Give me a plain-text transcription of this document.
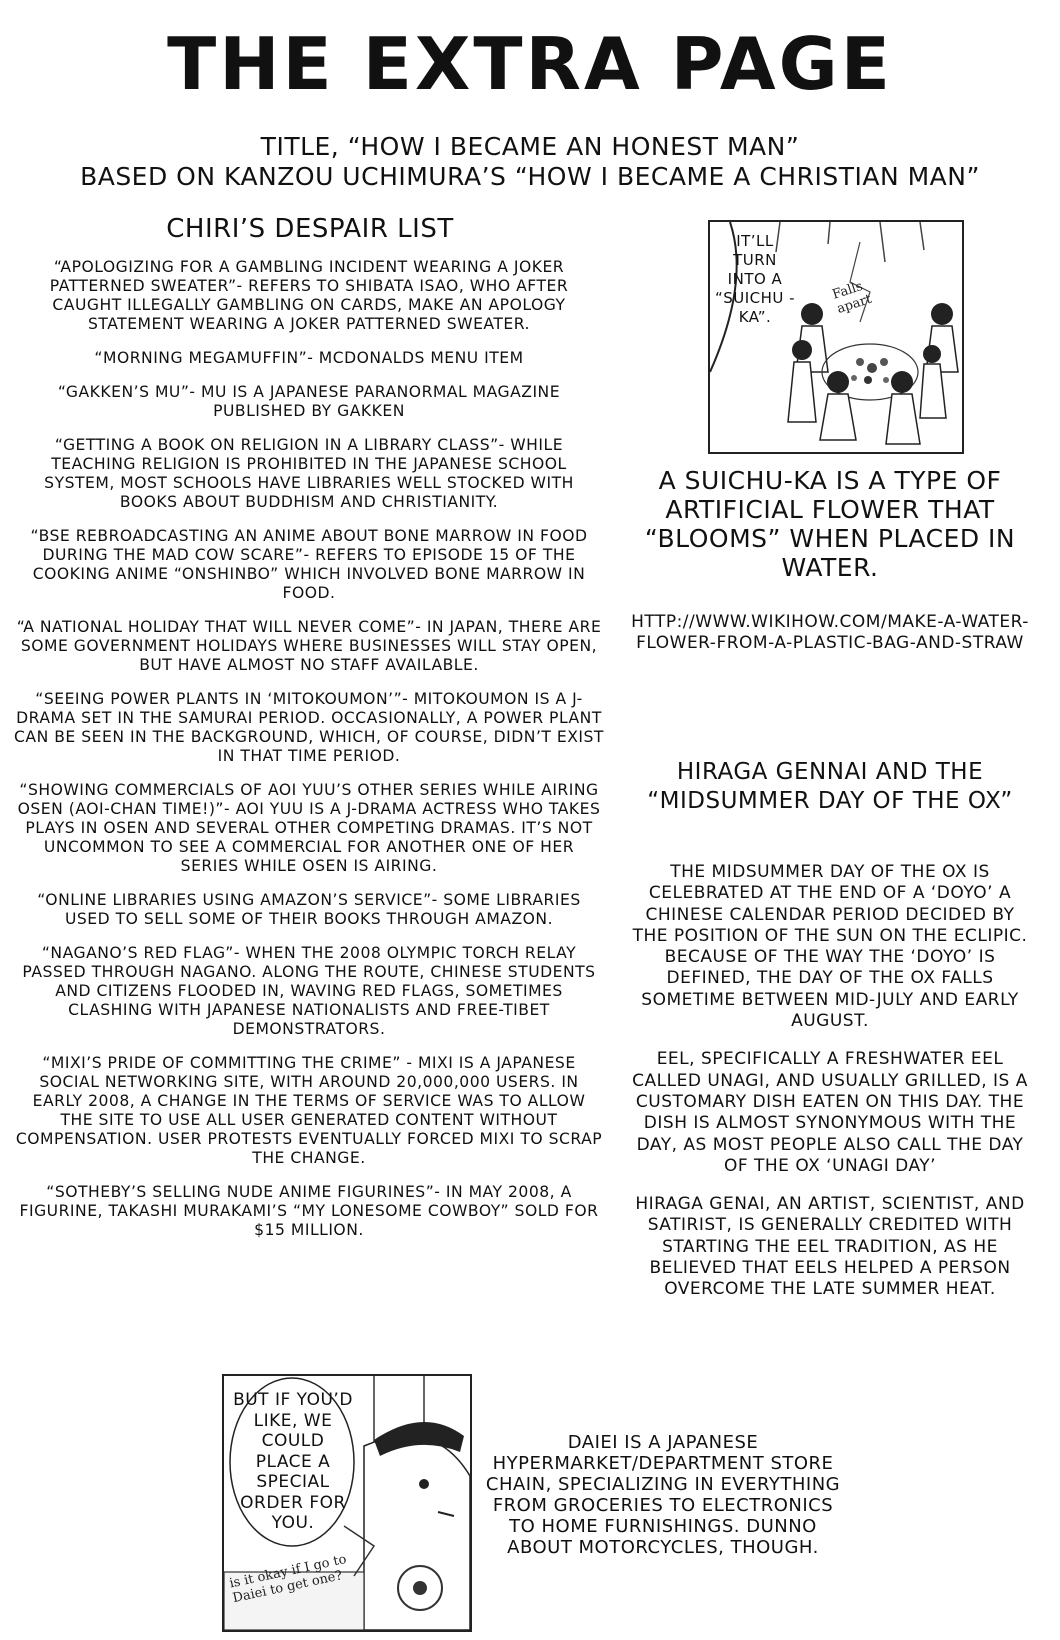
THE EXTRA PAGE
TITLE, “HOW I BECAME AN HONEST MAN”
BASED ON KANZOU UCHIMURA’S “HOW I BECAME A CHRISTIAN MAN”
CHIRI’S DESPAIR LIST

“APOLOGIZING FOR A GAMBLING INCIDENT WEARING A JOKER PATTERNED SWEATER”- REFERS TO SHIBATA ISAO, WHO AFTER CAUGHT ILLEGALLY GAMBLING ON CARDS, MAKE AN APOLOGY STATEMENT WEARING A JOKER PATTERNED SWEATER.

“MORNING MEGAMUFFIN”- MCDONALDS MENU ITEM

“GAKKEN’S MU”- MU IS A JAPANESE PARANORMAL MAGAZINE PUBLISHED BY GAKKEN

“GETTING A BOOK ON RELIGION IN A LIBRARY CLASS”- WHILE TEACHING RELIGION IS PROHIBITED IN THE JAPANESE SCHOOL SYSTEM, MOST SCHOOLS HAVE LIBRARIES WELL STOCKED WITH BOOKS ABOUT BUDDHISM AND CHRISTIANITY.

“BSE REBROADCASTING AN ANIME ABOUT BONE MARROW IN FOOD DURING THE MAD COW SCARE”- REFERS TO EPISODE 15 OF THE COOKING ANIME “ONSHINBO” WHICH INVOLVED BONE MARROW IN FOOD.

“A NATIONAL HOLIDAY THAT WILL NEVER COME”- IN JAPAN, THERE ARE SOME GOVERNMENT HOLIDAYS WHERE BUSINESSES WILL STAY OPEN, BUT HAVE ALMOST NO STAFF AVAILABLE.

“SEEING POWER PLANTS IN ‘MITOKOUMON’”- MITOKOUMON IS A J-DRAMA SET IN THE SAMURAI PERIOD. OCCASIONALLY, A POWER PLANT CAN BE SEEN IN THE BACKGROUND, WHICH, OF COURSE, DIDN’T EXIST IN THAT TIME PERIOD.

“SHOWING COMMERCIALS OF AOI YUU’S OTHER SERIES WHILE AIRING OSEN (AOI-CHAN TIME!)”- AOI YUU IS A J-DRAMA ACTRESS WHO TAKES PLAYS IN OSEN AND SEVERAL OTHER COMPETING DRAMAS. IT’S NOT UNCOMMON TO SEE A COMMERCIAL FOR ANOTHER ONE OF HER SERIES WHILE OSEN IS AIRING.

“ONLINE LIBRARIES USING AMAZON’S SERVICE”- SOME LIBRARIES USED TO SELL SOME OF THEIR BOOKS THROUGH AMAZON.

“NAGANO’S RED FLAG”- WHEN THE 2008 OLYMPIC TORCH RELAY PASSED THROUGH NAGANO. ALONG THE ROUTE, CHINESE STUDENTS AND CITIZENS FLOODED IN, WAVING RED FLAGS, SOMETIMES CLASHING WITH JAPANESE NATIONALISTS AND FREE-TIBET DEMONSTRATORS.

“MIXI’S PRIDE OF COMMITTING THE CRIME” - MIXI IS A JAPANESE SOCIAL NETWORKING SITE, WITH AROUND 20,000,000 USERS. IN EARLY 2008, A CHANGE IN THE TERMS OF SERVICE WAS TO ALLOW THE SITE TO USE ALL USER GENERATED CONTENT WITHOUT COMPENSATION. USER PROTESTS EVENTUALLY FORCED MIXI TO SCRAP THE CHANGE.

“SOTHEBY’S SELLING NUDE ANIME FIGURINES”- IN MAY 2008, A FIGURINE, TAKASHI MURAKAMI’S “MY LONESOME COWBOY” SOLD FOR $15 MILLION.

IT’LL TURN INTO A “SUICHU -KA”.
Falls apart
A SUICHU-KA IS A TYPE OF ARTIFICIAL FLOWER THAT “BLOOMS” WHEN PLACED IN WATER.
HTTP://WWW.WIKIHOW.COM/MAKE-A-WATER-FLOWER-FROM-A-PLASTIC-BAG-AND-STRAW
HIRAGA GENNAI AND THE “MIDSUMMER DAY OF THE OX”

THE MIDSUMMER DAY OF THE OX IS CELEBRATED AT THE END OF A ‘DOYO’ A CHINESE CALENDAR PERIOD DECIDED BY THE POSITION OF THE SUN ON THE ECLIPIC. BECAUSE OF THE WAY THE ‘DOYO’ IS DEFINED, THE DAY OF THE OX FALLS SOMETIME BETWEEN MID-JULY AND EARLY AUGUST.

EEL, SPECIFICALLY A FRESHWATER EEL CALLED UNAGI, AND USUALLY GRILLED, IS A CUSTOMARY DISH EATEN ON THIS DAY. THE DISH IS ALMOST SYNONYMOUS WITH THE DAY, AS MOST PEOPLE ALSO CALL THE DAY OF THE OX ‘UNAGI DAY’

HIRAGA GENAI, AN ARTIST, SCIENTIST, AND SATIRIST, IS GENERALLY CREDITED WITH STARTING THE EEL TRADITION, AS HE BELIEVED THAT EELS HELPED A PERSON OVERCOME THE LATE SUMMER HEAT.

BUT IF YOU’D LIKE, WE COULD PLACE A SPECIAL ORDER FOR YOU.
is it okay if I go to Daiei to get one?
DAIEI IS A JAPANESE HYPERMARKET/DEPARTMENT STORE CHAIN, SPECIALIZING IN EVERYTHING FROM GROCERIES TO ELECTRONICS TO HOME FURNISHINGS. DUNNO ABOUT MOTORCYCLES, THOUGH.
